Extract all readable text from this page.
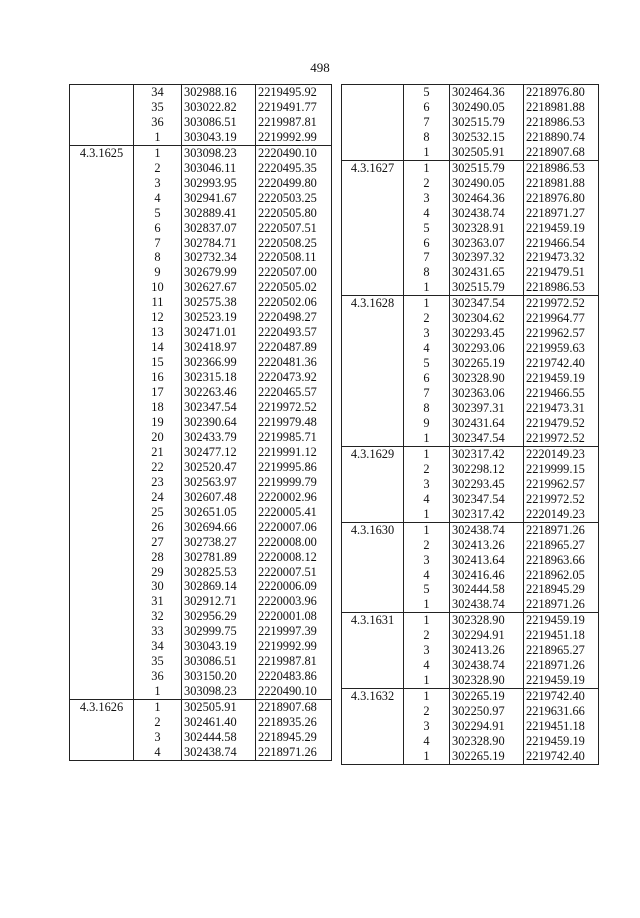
498
	34	302988.16	2219495.92
	35	303022.82	2219491.77
	36	303086.51	2219987.81
	1	303043.19	2219992.99
4.3.1625	1	303098.23	2220490.10
	2	303046.11	2220495.35
	3	302993.95	2220499.80
	4	302941.67	2220503.25
	5	302889.41	2220505.80
	6	302837.07	2220507.51
	7	302784.71	2220508.25
	8	302732.34	2220508.11
	9	302679.99	2220507.00
	10	302627.67	2220505.02
	11	302575.38	2220502.06
	12	302523.19	2220498.27
	13	302471.01	2220493.57
	14	302418.97	2220487.89
	15	302366.99	2220481.36
	16	302315.18	2220473.92
	17	302263.46	2220465.57
	18	302347.54	2219972.52
	19	302390.64	2219979.48
	20	302433.79	2219985.71
	21	302477.12	2219991.12
	22	302520.47	2219995.86
	23	302563.97	2219999.79
	24	302607.48	2220002.96
	25	302651.05	2220005.41
	26	302694.66	2220007.06
	27	302738.27	2220008.00
	28	302781.89	2220008.12
	29	302825.53	2220007.51
	30	302869.14	2220006.09
	31	302912.71	2220003.96
	32	302956.29	2220001.08
	33	302999.75	2219997.39
	34	303043.19	2219992.99
	35	303086.51	2219987.81
	36	303150.20	2220483.86
	1	303098.23	2220490.10
4.3.1626	1	302505.91	2218907.68
	2	302461.40	2218935.26
	3	302444.58	2218945.29
	4	302438.74	2218971.26
	5	302464.36	2218976.80
	6	302490.05	2218981.88
	7	302515.79	2218986.53
	8	302532.15	2218890.74
	1	302505.91	2218907.68
4.3.1627	1	302515.79	2218986.53
	2	302490.05	2218981.88
	3	302464.36	2218976.80
	4	302438.74	2218971.27
	5	302328.91	2219459.19
	6	302363.07	2219466.54
	7	302397.32	2219473.32
	8	302431.65	2219479.51
	1	302515.79	2218986.53
4.3.1628	1	302347.54	2219972.52
	2	302304.62	2219964.77
	3	302293.45	2219962.57
	4	302293.06	2219959.63
	5	302265.19	2219742.40
	6	302328.90	2219459.19
	7	302363.06	2219466.55
	8	302397.31	2219473.31
	9	302431.64	2219479.52
	1	302347.54	2219972.52
4.3.1629	1	302317.42	2220149.23
	2	302298.12	2219999.15
	3	302293.45	2219962.57
	4	302347.54	2219972.52
	1	302317.42	2220149.23
4.3.1630	1	302438.74	2218971.26
	2	302413.26	2218965.27
	3	302413.64	2218963.66
	4	302416.46	2218962.05
	5	302444.58	2218945.29
	1	302438.74	2218971.26
4.3.1631	1	302328.90	2219459.19
	2	302294.91	2219451.18
	3	302413.26	2218965.27
	4	302438.74	2218971.26
	1	302328.90	2219459.19
4.3.1632	1	302265.19	2219742.40
	2	302250.97	2219631.66
	3	302294.91	2219451.18
	4	302328.90	2219459.19
	1	302265.19	2219742.40
